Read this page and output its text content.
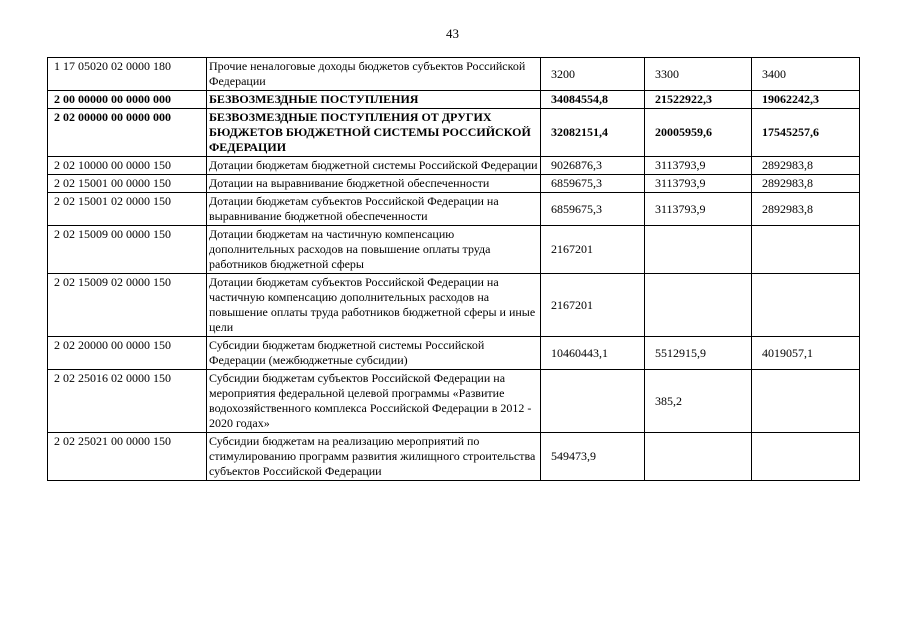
43
1 17 05020 02 0000 180	Прочие неналоговые доходы бюджетов субъектов Российской Федерации	3200	3300	3400
2 00 00000 00 0000 000	БЕЗВОЗМЕЗДНЫЕ ПОСТУПЛЕНИЯ	34084554,8	21522922,3	19062242,3
2 02 00000 00 0000 000	БЕЗВОЗМЕЗДНЫЕ ПОСТУПЛЕНИЯ ОТ ДРУГИХ БЮДЖЕТОВ БЮДЖЕТНОЙ СИСТЕМЫ РОССИЙСКОЙ ФЕДЕРАЦИИ	32082151,4	20005959,6	17545257,6
2 02 10000 00 0000 150	Дотации бюджетам бюджетной системы Российской Федерации	9026876,3	3113793,9	2892983,8
2 02 15001 00 0000 150	Дотации на выравнивание бюджетной обеспеченности	6859675,3	3113793,9	2892983,8
2 02 15001 02 0000 150	Дотации бюджетам субъектов Российской Федерации на выравнивание бюджетной обеспеченности	6859675,3	3113793,9	2892983,8
2 02 15009 00 0000 150	Дотации бюджетам на частичную компенсацию дополнительных расходов на повышение оплаты труда работников бюджетной сферы	2167201		
2 02 15009 02 0000 150	Дотации бюджетам субъектов Российской Федерации на частичную компенсацию дополнительных расходов на повышение оплаты труда работников бюджетной сферы и иные цели	2167201		
2 02 20000 00 0000 150	Субсидии бюджетам бюджетной системы Российской Федерации (межбюджетные субсидии)	10460443,1	5512915,9	4019057,1
2 02 25016 02 0000 150	Субсидии бюджетам субъектов Российской Федерации на мероприятия федеральной целевой программы «Развитие водохозяйственного комплекса Российской Федерации в 2012 - 2020 годах»		385,2	
2 02 25021 00 0000 150	Субсидии бюджетам на реализацию мероприятий по стимулированию программ развития жилищного строительства субъектов Российской Федерации	549473,9		
